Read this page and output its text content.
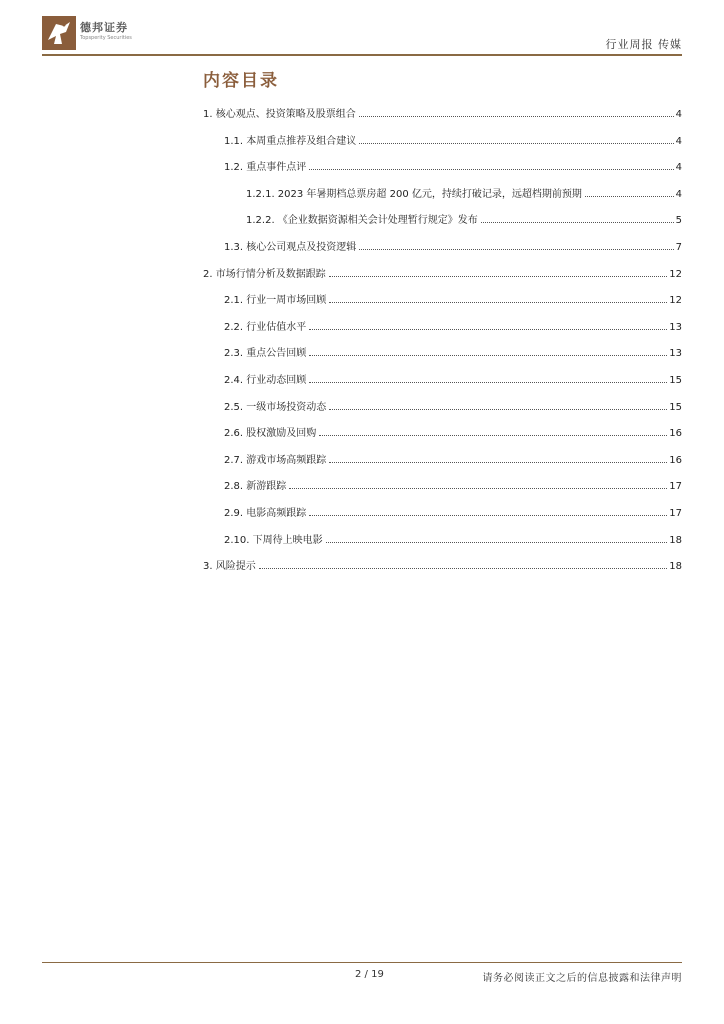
德邦证券
Topsperity Securities	行业周报 传媒
内容目录
1. 核心观点、投资策略及股票组合	4
1.1. 本周重点推荐及组合建议	4
1.2. 重点事件点评	4
1.2.1. 2023 年暑期档总票房超 200 亿元，持续打破记录，远超档期前预期	4
1.2.2. 《企业数据资源相关会计处理暂行规定》发布	5
1.3. 核心公司观点及投资逻辑	7
2. 市场行情分析及数据跟踪	12
2.1. 行业一周市场回顾	12
2.2. 行业估值水平	13
2.3. 重点公告回顾	13
2.4. 行业动态回顾	15
2.5. 一级市场投资动态	15
2.6. 股权激励及回购	16
2.7. 游戏市场高频跟踪	16
2.8. 新游跟踪	17
2.9. 电影高频跟踪	17
2.10. 下周待上映电影	18
3. 风险提示	18
2 / 19	请务必阅读正文之后的信息披露和法律声明
